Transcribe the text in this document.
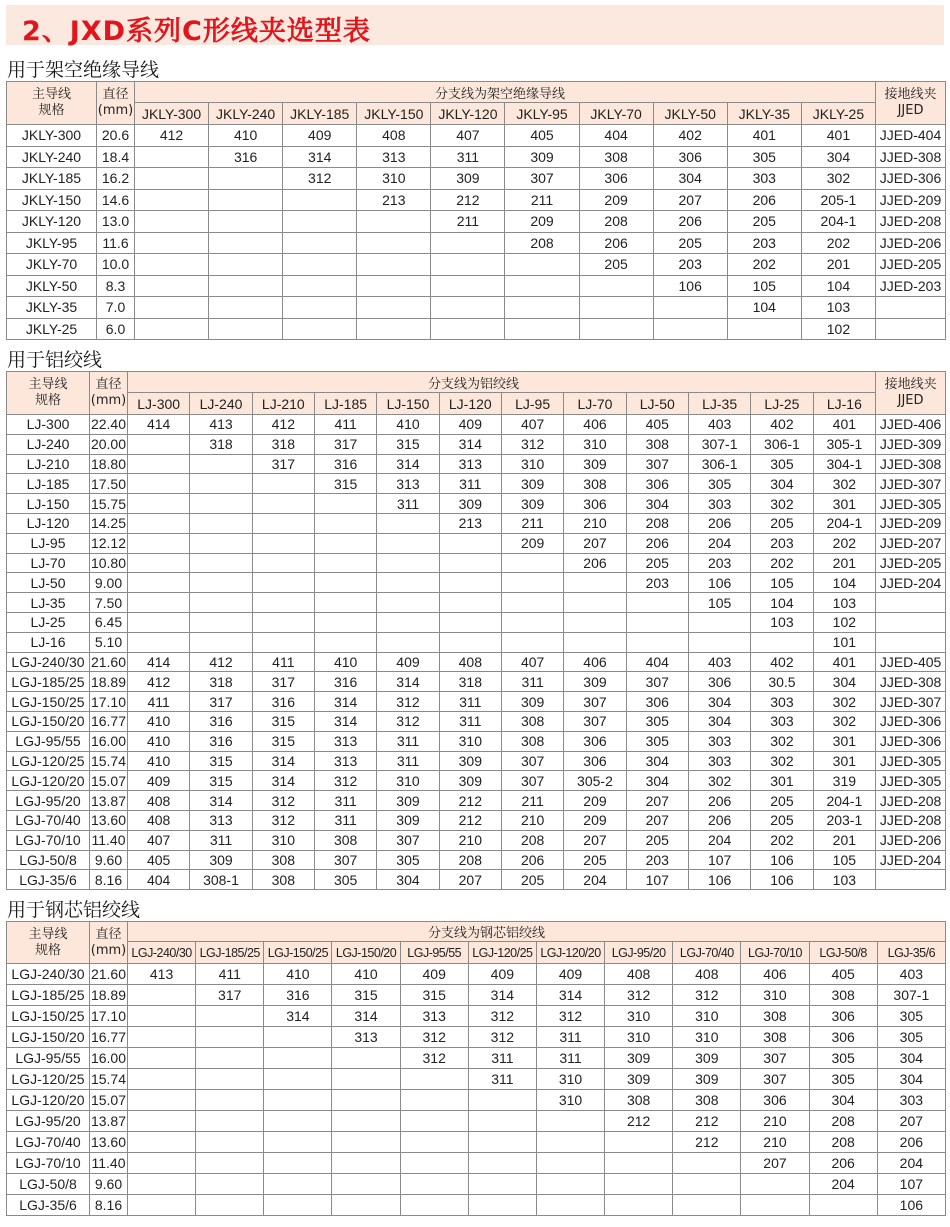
2、JXD系列C形线夹选型表
用于架空绝缘导线
主导线
规格	直径
(mm)	分支线为架空绝缘导线										接地线夹
JJED
		JKLY-300	JKLY-240	JKLY-185	JKLY-150	JKLY-120	JKLY-95	JKLY-70	JKLY-50	JKLY-35	JKLY-25	
JKLY-300	20.6	412	410	409	408	407	405	404	402	401	401	JJED-404
JKLY-240	18.4		316	314	313	311	309	308	306	305	304	JJED-308
JKLY-185	16.2			312	310	309	307	306	304	303	302	JJED-306
JKLY-150	14.6				213	212	211	209	207	206	205-1	JJED-209
JKLY-120	13.0					211	209	208	206	205	204-1	JJED-208
JKLY-95	11.6						208	206	205	203	202	JJED-206
JKLY-70	10.0							205	203	202	201	JJED-205
JKLY-50	8.3								106	105	104	JJED-203
JKLY-35	7.0									104	103	
JKLY-25	6.0										102	
用于铝绞线
主导线
规格	直径
(mm)	分支线为铝绞线												接地线夹
JJED
		LJ-300	LJ-240	LJ-210	LJ-185	LJ-150	LJ-120	LJ-95	LJ-70	LJ-50	LJ-35	LJ-25	LJ-16	
LJ-300	22.40	414	413	412	411	410	409	407	406	405	403	402	401	JJED-406
LJ-240	20.00		318	318	317	315	314	312	310	308	307-1	306-1	305-1	JJED-309
LJ-210	18.80			317	316	314	313	310	309	307	306-1	305	304-1	JJED-308
LJ-185	17.50				315	313	311	309	308	306	305	304	302	JJED-307
LJ-150	15.75					311	309	309	306	304	303	302	301	JJED-305
LJ-120	14.25						213	211	210	208	206	205	204-1	JJED-209
LJ-95	12.12							209	207	206	204	203	202	JJED-207
LJ-70	10.80								206	205	203	202	201	JJED-205
LJ-50	9.00									203	106	105	104	JJED-204
LJ-35	7.50										105	104	103	
LJ-25	6.45											103	102	
LJ-16	5.10												101	
LGJ-240/30	21.60	414	412	411	410	409	408	407	406	404	403	402	401	JJED-405
LGJ-185/25	18.89	412	318	317	316	314	318	311	309	307	306	30.5	304	JJED-308
LGJ-150/25	17.10	411	317	316	314	312	311	309	307	306	304	303	302	JJED-307
LGJ-150/20	16.77	410	316	315	314	312	311	308	307	305	304	303	302	JJED-306
LGJ-95/55	16.00	410	316	315	313	311	310	308	306	305	303	302	301	JJED-306
LGJ-120/25	15.74	410	315	314	313	311	309	307	306	304	303	302	301	JJED-305
LGJ-120/20	15.07	409	315	314	312	310	309	307	305-2	304	302	301	319	JJED-305
LGJ-95/20	13.87	408	314	312	311	309	212	211	209	207	206	205	204-1	JJED-208
LGJ-70/40	13.60	408	313	312	311	309	212	210	209	207	206	205	203-1	JJED-208
LGJ-70/10	11.40	407	311	310	308	307	210	208	207	205	204	202	201	JJED-206
LGJ-50/8	9.60	405	309	308	307	305	208	206	205	203	107	106	105	JJED-204
LGJ-35/6	8.16	404	308-1	308	305	304	207	205	204	107	106	106	103	
用于钢芯铝绞线
主导线
规格	直径
(mm)	分支线为钢芯铝绞线											
		LGJ-240/30	LGJ-185/25	LGJ-150/25	LGJ-150/20	LGJ-95/55	LGJ-120/25	LGJ-120/20	LGJ-95/20	LGJ-70/40	LGJ-70/10	LGJ-50/8	LGJ-35/6
LGJ-240/30	21.60	413	411	410	410	409	409	409	408	408	406	405	403
LGJ-185/25	18.89		317	316	315	315	314	314	312	312	310	308	307-1
LGJ-150/25	17.10			314	314	313	312	312	310	310	308	306	305
LGJ-150/20	16.77				313	312	312	311	310	310	308	306	305
LGJ-95/55	16.00					312	311	311	309	309	307	305	304
LGJ-120/25	15.74						311	310	309	309	307	305	304
LGJ-120/20	15.07							310	308	308	306	304	303
LGJ-95/20	13.87								212	212	210	208	207
LGJ-70/40	13.60									212	210	208	206
LGJ-70/10	11.40										207	206	204
LGJ-50/8	9.60											204	107
LGJ-35/6	8.16												106
